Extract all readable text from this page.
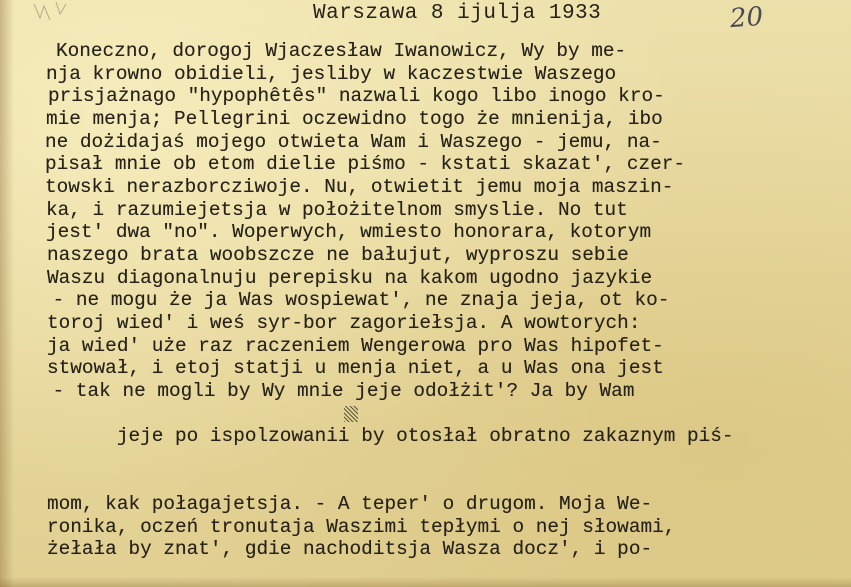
Warszawa 8 ijulja 1933	20
Koneczno, dorogoj Wjaczesław Iwanowicz, Wy by me-
nja krowno obidieli, jesliby w kaczestwie Waszego
prisjażnago "hypophêtês" nazwali kogo libo inogo kro-
mie menja; Pellegrini oczewidno togo że mnienija, ibo
ne dożidajaś mojego otwieta Wam i Waszego - jemu, na-
pisał mnie ob etom dielie piśmo - kstati skazat', czer-
towski nerazborcziwoje. Nu, otwietit jemu moja maszin-
ka, i razumiejetsja w położitelnom smyslie. No tut
jest' dwa "no". Woperwych, wmiesto honorara, kotorym
naszego brata woobszcze ne bałujut, wyproszu sebie
Waszu diagonalnuju perepisku na kakom ugodno jazykie
- ne mogu że ja Was wospiewat', ne znaja jeja, ot ko-
toroj wied' i weś syr-bor zagoriełsja. A wowtorych:
ja wied' uże raz raczeniem Wengerowa pro Was hipofet-
stwował, i etoj statji u menja niet, a u Was ona jest
- tak ne mogli by Wy mnie jeje odołżit'? Ja by Wam

jeje po ispolzowanii by otosłał obratno zakaznym piś-

mom, kak połagajetsja. - A teper' o drugom. Moja We-
ronika, oczeń tronutaja Waszimi tepłymi o nej słowami,
żełała by znat', gdie nachoditsja Wasza docz', i po-
